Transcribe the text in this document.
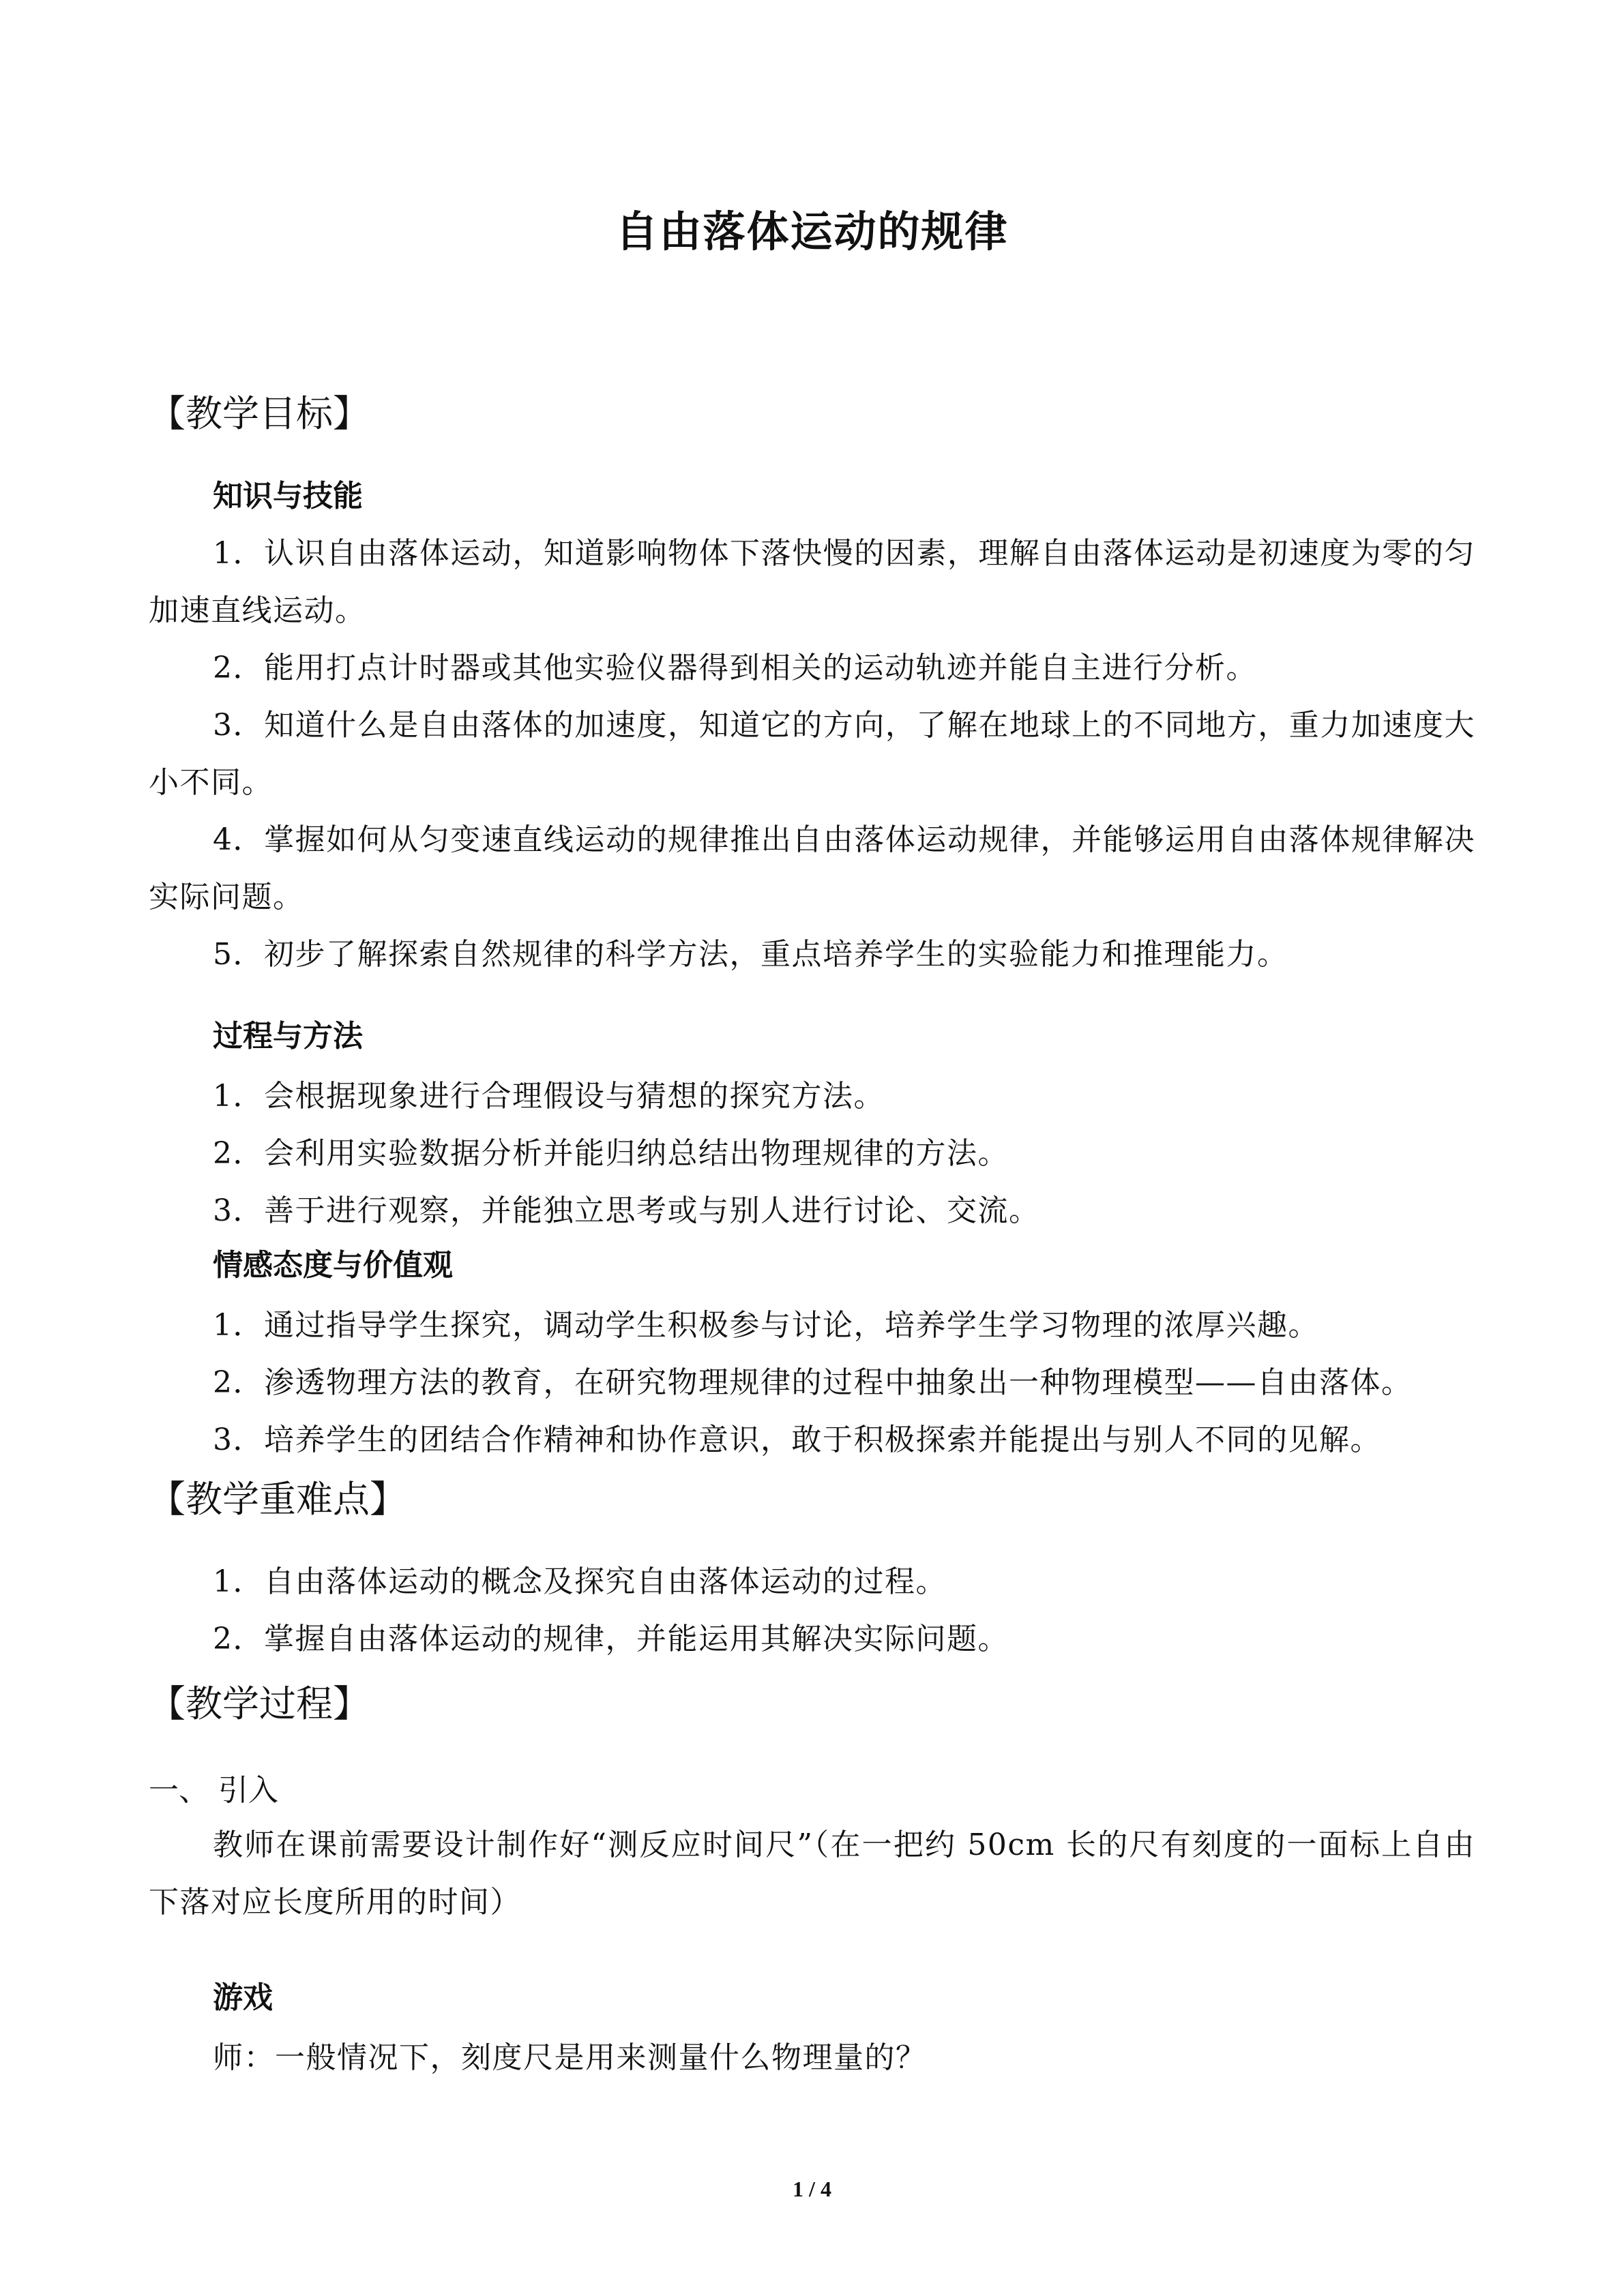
自由落体运动的规律
【教学目标】
知识与技能
1．认识自由落体运动，知道影响物体下落快慢的因素，理解自由落体运动是初速度为零的匀加速直线运动。
2．能用打点计时器或其他实验仪器得到相关的运动轨迹并能自主进行分析。
3．知道什么是自由落体的加速度，知道它的方向，了解在地球上的不同地方，重力加速度大小不同。
4．掌握如何从匀变速直线运动的规律推出自由落体运动规律，并能够运用自由落体规律解决实际问题。
5．初步了解探索自然规律的科学方法，重点培养学生的实验能力和推理能力。
过程与方法
1．会根据现象进行合理假设与猜想的探究方法。
2．会利用实验数据分析并能归纳总结出物理规律的方法。
3．善于进行观察，并能独立思考或与别人进行讨论、交流。
情感态度与价值观
1．通过指导学生探究，调动学生积极参与讨论，培养学生学习物理的浓厚兴趣。
2．渗透物理方法的教育，在研究物理规律的过程中抽象出一种物理模型——自由落体。
3．培养学生的团结合作精神和协作意识，敢于积极探索并能提出与别人不同的见解。
【教学重难点】
1．自由落体运动的概念及探究自由落体运动的过程。
2．掌握自由落体运动的规律，并能运用其解决实际问题。
【教学过程】
一、 引入
教师在课前需要设计制作好“测反应时间尺”（在一把约 50cm 长的尺有刻度的一面标上自由下落对应长度所用的时间）
游戏
师：一般情况下，刻度尺是用来测量什么物理量的？
1 / 4
